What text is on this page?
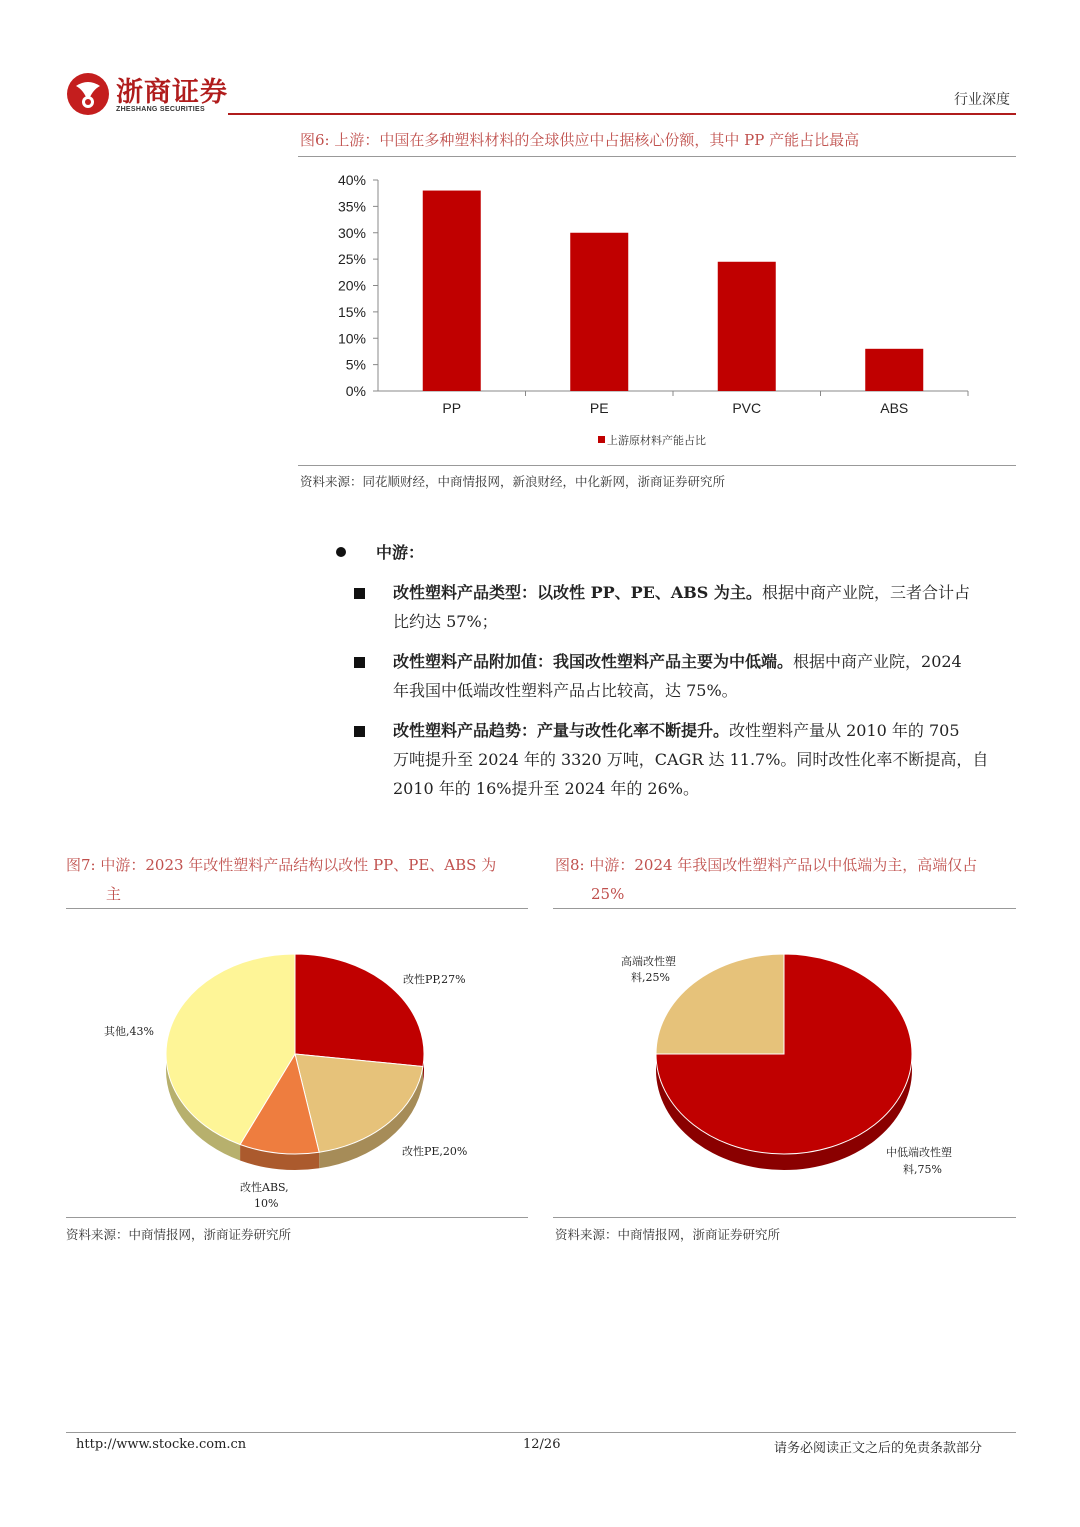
浙商证券
ZHESHANG SECURITIES
行业深度
图6: 上游：中国在多种塑料材料的全球供应中占据核心份额，其中 PP 产能占比最高
0%
5%
10%
15%
20%
25%
30%
35%
40%
PP	PE	PVC	ABS
上游原材料产能占比
资料来源：同花顺财经，中商情报网，新浪财经，中化新网，浙商证券研究所
中游：
改性塑料产品类型：以改性 PP、PE、ABS 为主。根据中商产业院，三者合计占
比约达 57%；
改性塑料产品附加值：我国改性塑料产品主要为中低端。根据中商产业院，2024
年我国中低端改性塑料产品占比较高，达 75%。
改性塑料产品趋势：产量与改性化率不断提升。改性塑料产量从 2010 年的 705
万吨提升至 2024 年的 3320 万吨，CAGR 达 11.7%。同时改性化率不断提高，自
2010 年的 16%提升至 2024 年的 26%。
图7: 中游：2023 年改性塑料产品结构以改性 PP、PE、ABS 为
主
改性PP,27%
改性PE,20%
改性ABS,
10%
其他,43%
资料来源：中商情报网，浙商证券研究所
图8: 中游：2024 年我国改性塑料产品以中低端为主，高端仅占
25%
高端改性塑
料,25%
中低端改性塑
料,75%
资料来源：中商情报网，浙商证券研究所
http://www.stocke.com.cn	12/26	请务必阅读正文之后的免责条款部分
